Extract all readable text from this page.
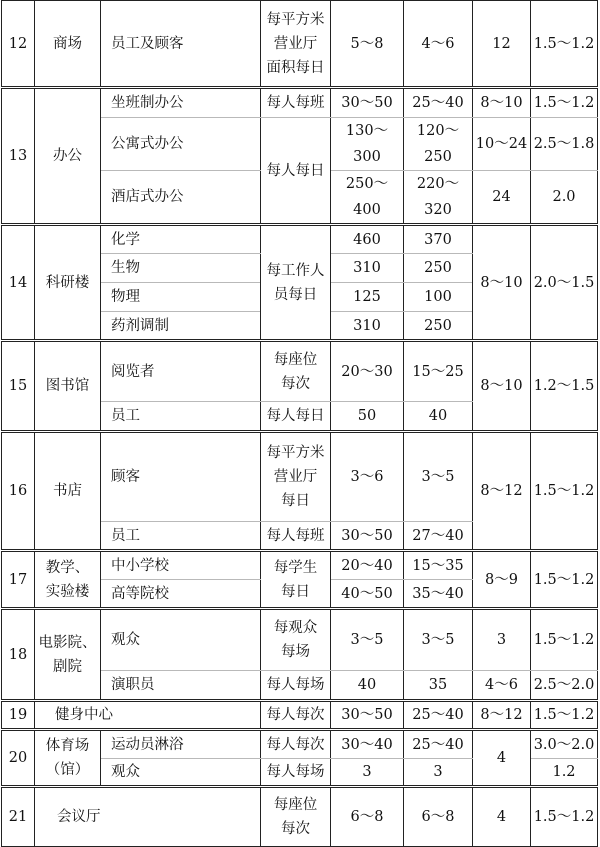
12	商场	员工及顾客	每平方米
营业厅
面积每日	5～8	4～6	12	1.5～1.2
13	办公	坐班制办公	每人每班	30～50	25～40	8～10	1.5～1.2
		公寓式办公	每人每日	130～300	120～250	10～24	2.5～1.8
		酒店式办公		250～400	220～320	24	2.0
14	科研楼	化学	每工作人
员每日	460	370	8～10	2.0～1.5
		生物		310	250		
		物理		125	100		
		药剂调制		310	250		
15	图书馆	阅览者	每座位
每次	20～30	15～25	8～10	1.2～1.5
		员工	每人每日	50	40		
16	书店	顾客	每平方米
营业厅
每日	3～6	3～5	8～12	1.5～1.2
		员工	每人每班	30～50	27～40		
17	教学、
实验楼	中小学校	每学生
每日	20～40	15～35	8～9	1.5～1.2
		高等院校		40～50	35～40		
18	电影院、
剧院	观众	每观众
每场	3～5	3～5	3	1.5～1.2
		演职员	每人每场	40	35	4～6	2.5～2.0
19	健身中心		每人每次	30～50	25～40	8～12	1.5～1.2
20	体育场
（馆）	运动员淋浴	每人每次	30～40	25～40	4	3.0～2.0
		观众	每人每场	3	3		1.2
21	会议厅		每座位
每次	6～8	6～8	4	1.5～1.2
